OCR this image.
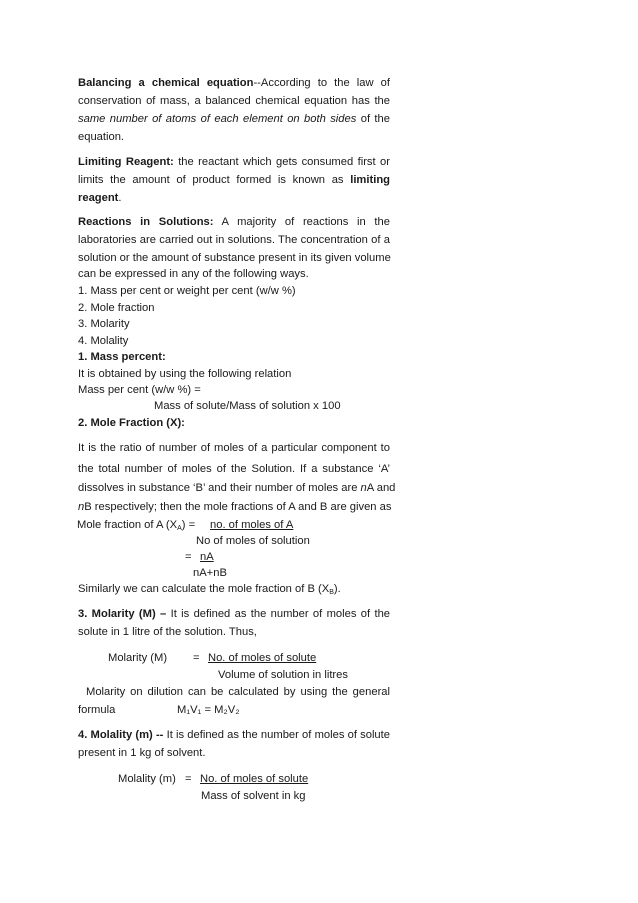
Balancing a chemical equation--According to the law of
conservation of mass, a balanced chemical equation has the
same number of atoms of each element on both sides of the
equation.
Limiting Reagent: the reactant which gets consumed first or
limits the amount of product formed is known as limiting
reagent.
Reactions in Solutions: A majority of reactions in the
laboratories are carried out in solutions. The concentration of a
solution or the amount of substance present in its given volume
can be expressed in any of the following ways.
1. Mass per cent or weight per cent (w/w %)
2. Mole fraction
3. Molarity
4. Molality
1. Mass percent:
It is obtained by using the following relation
Mass per cent (w/w %) =
Mass of solute/Mass of solution x 100
2. Mole Fraction (X):
It is the ratio of number of moles of a particular component to
the total number of moles of the Solution. If a substance ‘A’
dissolves in substance ‘B’ and their number of moles are nA and
nB respectively; then the mole fractions of A and B are given as
Mole fraction of A $(X_A)$ = no. of moles of A
No of moles of solution
= nA
nA+nB
Similarly we can calculate the mole fraction of B $(X_B)$.
3. Molarity (M) – It is defined as the number of moles of the
solute in 1 litre of the solution. Thus,
Molarity (M) = No. of moles of solute
Volume of solution in litres
Molarity on dilution can be calculated by using the general
formula	M₁V₁ = M₂V₂
4. Molality (m) -- It is defined as the number of moles of solute
present in 1 kg of solvent.
Molality (m) = No. of moles of solute
Mass of solvent in kg
